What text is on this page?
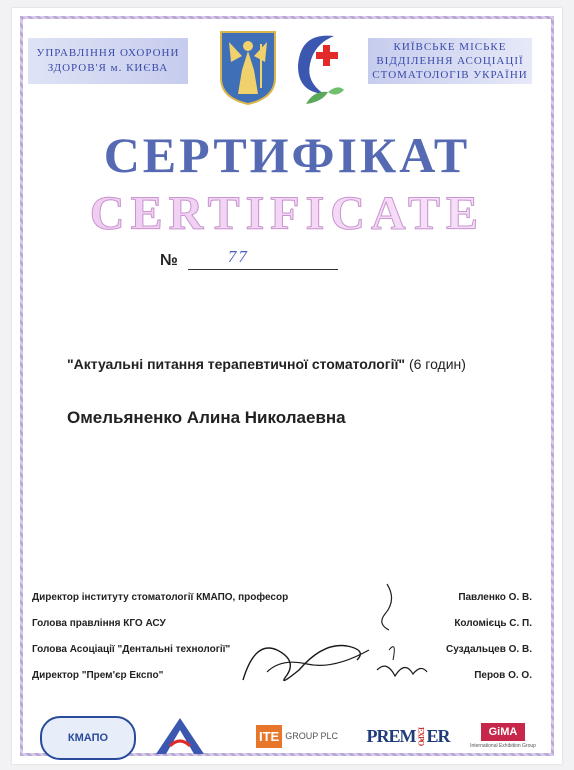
УПРАВЛІННЯ ОХОРОНИ
ЗДОРОВ'Я м. КИЄВА
КИЇВСЬКЕ МІСЬКЕ
ВІДДІЛЕННЯ АСОЦІАЦІЇ
СТОМАТОЛОГІВ УКРАЇНИ
СЕРТИФІКАТ
CERTIFICATE
№	77
"Актуальні питання терапевтичної стоматології" (6 годин)
Омельяненко Алина Николаевна
Директор інституту стоматології КМАПО, професор	Павленко О. В.
Голова правління КГО АСУ	Коломієць С. П.
Голова Асоціації "Дентальні технології"	Суздальцев О. В.
Директор "Прем'єр Експо"	Перов О. О.
КМАПО	ITE GROUP PLC PREM EXPO ER	GiMA
International Exhibition Group
